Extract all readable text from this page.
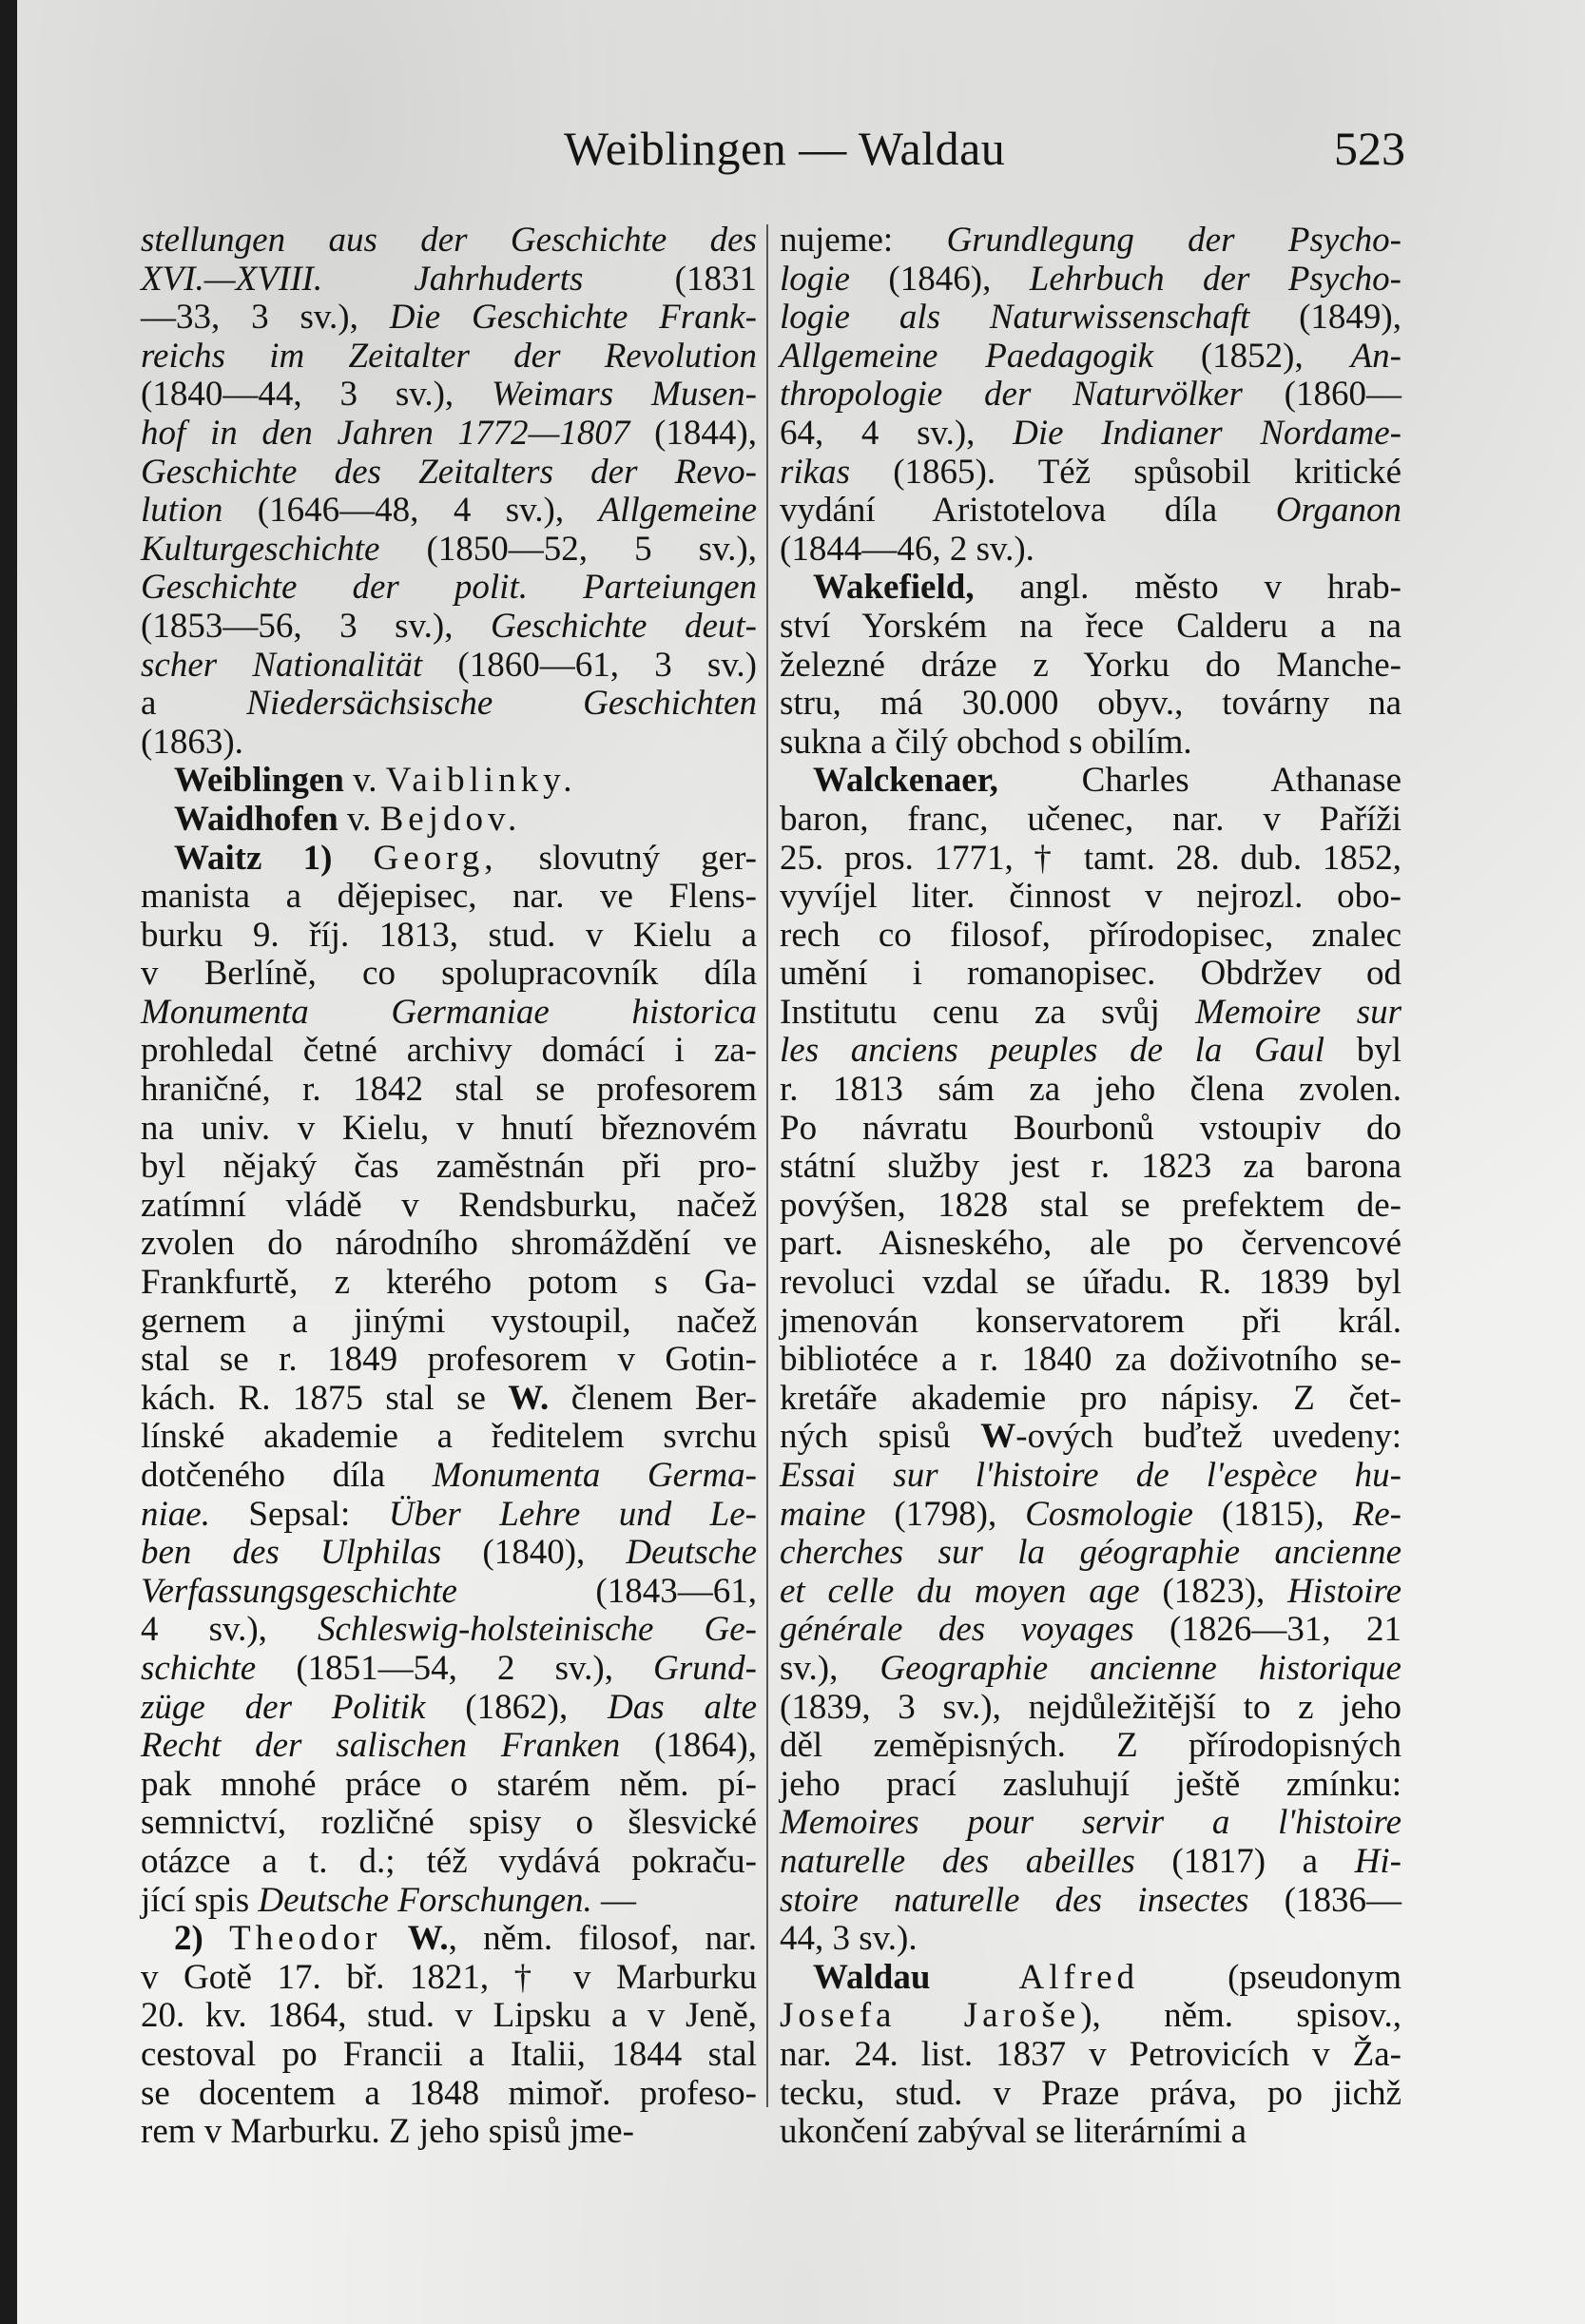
Weiblingen — Waldau	523
stellungen aus der Geschichte des
XVI.—XVIII. Jahrhuderts (1831
—33, 3 sv.), Die Geschichte Frank-
reichs im Zeitalter der Revolution
(1840—44, 3 sv.), Weimars Musen-
hof in den Jahren 1772—1807 (1844),
Geschichte des Zeitalters der Revo-
lution (1646—48, 4 sv.), Allgemeine
Kulturgeschichte (1850—52, 5 sv.),
Geschichte der polit. Parteiungen
(1853—56, 3 sv.), Geschichte deut-
scher Nationalität (1860—61, 3 sv.)
a Niedersächsische Geschichten
(1863).
Weiblingen v. Vaiblinky.
Waidhofen v. Bejdov.
Waitz 1) Georg, slovutný ger-
manista a dějepisec, nar. ve Flens-
burku 9. říj. 1813, stud. v Kielu a
v Berlíně, co spolupracovník díla
Monumenta Germaniae historica
prohledal četné archivy domácí i za-
hraničné, r. 1842 stal se profesorem
na univ. v Kielu, v hnutí březnovém
byl nějaký čas zaměstnán při pro-
zatímní vládě v Rendsburku, načež
zvolen do národního shromáždění ve
Frankfurtě, z kterého potom s Ga-
gernem a jinými vystoupil, načež
stal se r. 1849 profesorem v Gotin-
kách. R. 1875 stal se W. členem Ber-
línské akademie a ředitelem svrchu
dotčeného díla Monumenta Germa-
niae. Sepsal: Über Lehre und Le-
ben des Ulphilas (1840), Deutsche
Verfassungsgeschichte (1843—61,
4 sv.), Schleswig-holsteinische Ge-
schichte (1851—54, 2 sv.), Grund-
züge der Politik (1862), Das alte
Recht der salischen Franken (1864),
pak mnohé práce o starém něm. pí-
semnictví, rozličné spisy o šlesvické
otázce a t. d.; též vydává pokraču-
jící spis Deutsche Forschungen. —
2) Theodor W., něm. filosof, nar.
v Gotě 17. bř. 1821, † v Marburku
20. kv. 1864, stud. v Lipsku a v Jeně,
cestoval po Francii a Italii, 1844 stal
se docentem a 1848 mimoř. profeso-
rem v Marburku. Z jeho spisů jme-
nujeme: Grundlegung der Psycho-
logie (1846), Lehrbuch der Psycho-
logie als Naturwissenschaft (1849),
Allgemeine Paedagogik (1852), An-
thropologie der Naturvölker (1860—
64, 4 sv.), Die Indianer Nordame-
rikas (1865). Též spůsobil kritické
vydání Aristotelova díla Organon
(1844—46, 2 sv.).
Wakefield, angl. město v hrab-
ství Yorském na řece Calderu a na
železné dráze z Yorku do Manche-
stru, má 30.000 obyv., továrny na
sukna a čilý obchod s obilím.
Walckenaer, Charles Athanase
baron, franc, učenec, nar. v Paříži
25. pros. 1771, † tamt. 28. dub. 1852,
vyvíjel liter. činnost v nejrozl. obo-
rech co filosof, přírodopisec, znalec
umění i romanopisec. Obdržev od
Institutu cenu za svůj Memoire sur
les anciens peuples de la Gaul byl
r. 1813 sám za jeho člena zvolen.
Po návratu Bourbonů vstoupiv do
státní služby jest r. 1823 za barona
povýšen, 1828 stal se prefektem de-
part. Aisneského, ale po červencové
revoluci vzdal se úřadu. R. 1839 byl
jmenován konservatorem při král.
bibliotéce a r. 1840 za doživotního se-
kretáře akademie pro nápisy. Z čet-
ných spisů W-ových buďtež uvedeny:
Essai sur l'histoire de l'espèce hu-
maine (1798), Cosmologie (1815), Re-
cherches sur la géographie ancienne
et celle du moyen age (1823), Histoire
générale des voyages (1826—31, 21
sv.), Geographie ancienne historique
(1839, 3 sv.), nejdůležitější to z jeho
děl zeměpisných. Z přírodopisných
jeho prací zasluhují ještě zmínku:
Memoires pour servir a l'histoire
naturelle des abeilles (1817) a Hi-
stoire naturelle des insectes (1836—
44, 3 sv.).
Waldau	Alfred (pseudonym
Josefa Jaroše), něm. spisov.,
nar. 24. list. 1837 v Petrovicích v Ža-
tecku, stud. v Praze práva, po jichž
ukončení zabýval se literárními a
